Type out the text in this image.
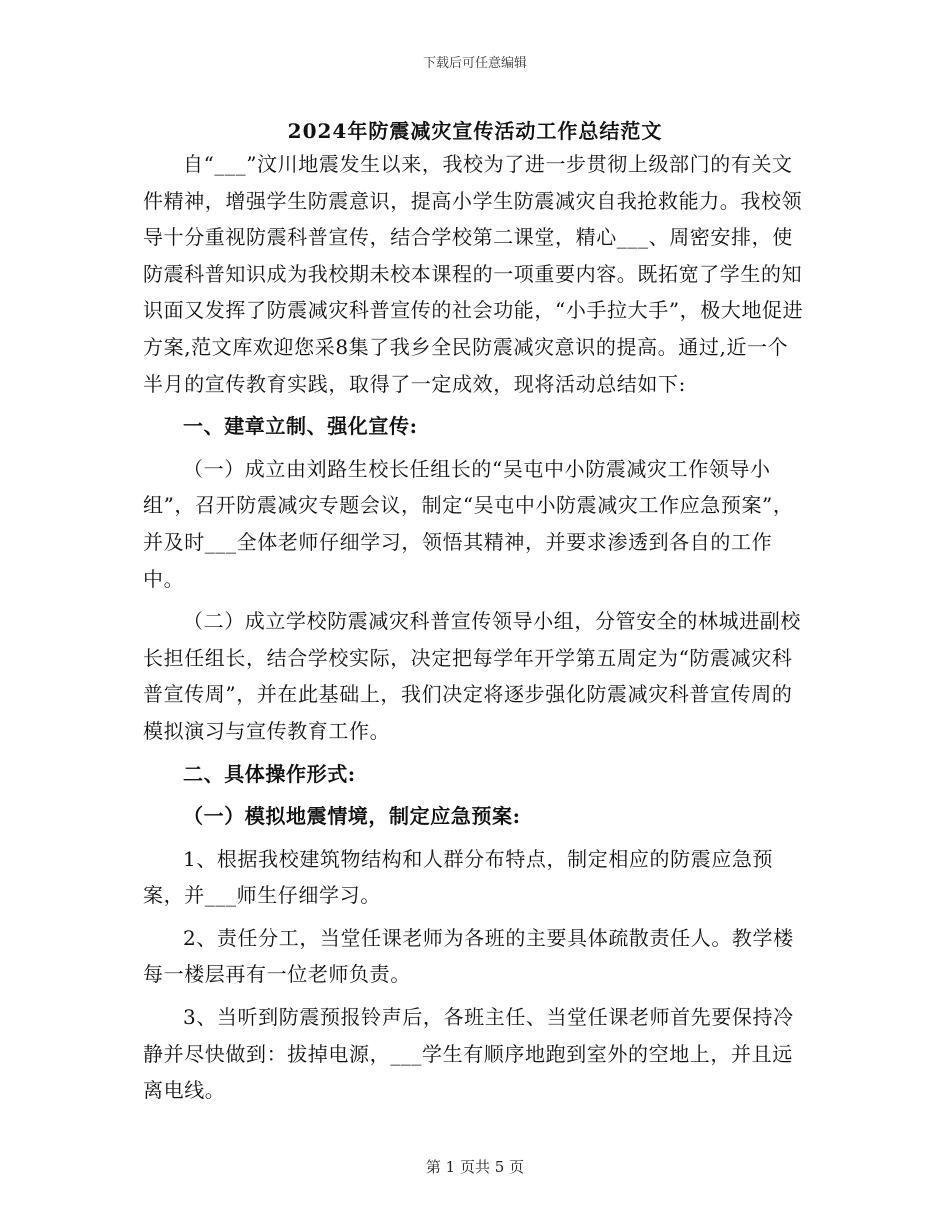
下载后可任意编辑
2024年防震减灾宣传活动工作总结范文

自“___”汶川地震发生以来，我校为了进一步贯彻上级部门的有关文件精神，增强学生防震意识，提高小学生防震减灾自我抢救能力。我校领导十分重视防震科普宣传，结合学校第二课堂，精心___、周密安排，使防震科普知识成为我校期未校本课程的一项重要内容。既拓宽了学生的知识面又发挥了防震减灾科普宣传的社会功能，“小手拉大手”，极大地促进方案,范文库欢迎您采8集了我乡全民防震减灾意识的提高。通过,近一个半月的宣传教育实践，取得了一定成效，现将活动总结如下:

一、建章立制、强化宣传:

（一）成立由刘路生校长任组长的“吴屯中小防震减灾工作领导小组”，召开防震减灾专题会议，制定“吴屯中小防震减灾工作应急预案”，并及时___全体老师仔细学习，领悟其精神，并要求渗透到各自的工作中。

（二）成立学校防震减灾科普宣传领导小组，分管安全的林城进副校长担任组长，结合学校实际，决定把每学年开学第五周定为“防震减灾科普宣传周”，并在此基础上，我们决定将逐步强化防震减灾科普宣传周的模拟演习与宣传教育工作。

二、具体操作形式:

（一）模拟地震情境，制定应急预案:

1、根据我校建筑物结构和人群分布特点，制定相应的防震应急预案，并___师生仔细学习。

2、责任分工，当堂任课老师为各班的主要具体疏散责任人。教学楼每一楼层再有一位老师负责。

3、当听到防震预报铃声后，各班主任、当堂任课老师首先要保持冷静并尽快做到：拔掉电源，___学生有顺序地跑到室外的空地上，并且远离电线。

第 1 页共 5 页
